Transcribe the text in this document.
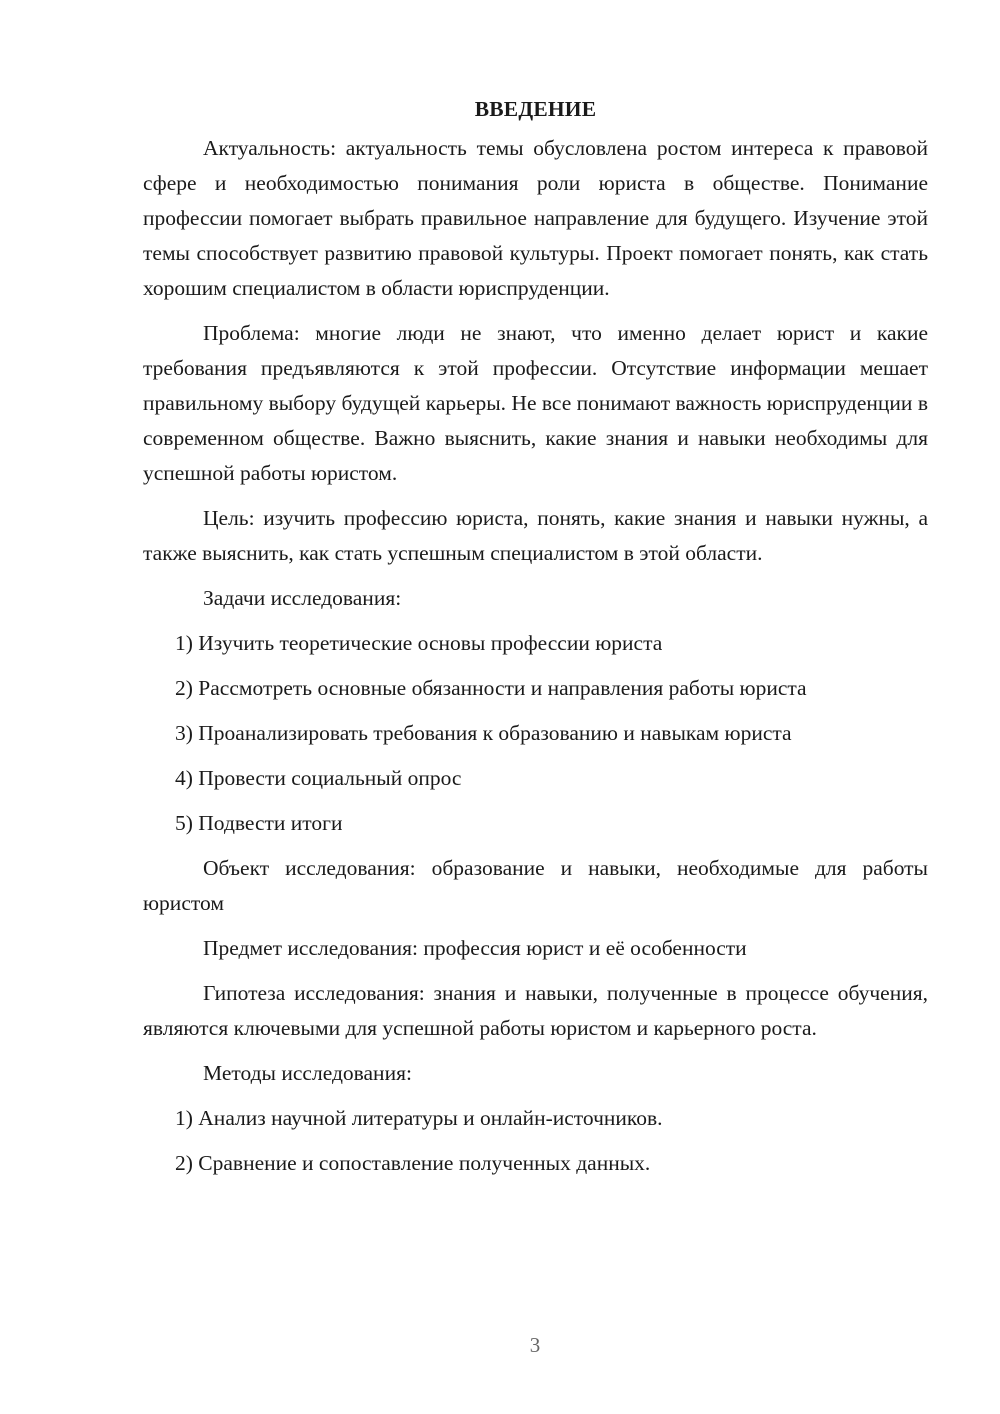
ВВЕДЕНИЕ

Актуальность: актуальность темы обусловлена ростом интереса к правовой сфере и необходимостью понимания роли юриста в обществе. Понимание профессии помогает выбрать правильное направление для будущего. Изучение этой темы способствует развитию правовой культуры. Проект помогает понять, как стать хорошим специалистом в области юриспруденции.

Проблема: многие люди не знают, что именно делает юрист и какие требования предъявляются к этой профессии. Отсутствие информации мешает правильному выбору будущей карьеры. Не все понимают важность юриспруденции в современном обществе. Важно выяснить, какие знания и навыки необходимы для успешной работы юристом.

Цель: изучить профессию юриста, понять, какие знания и навыки нужны, а также выяснить, как стать успешным специалистом в этой области.

Задачи исследования:

1) Изучить теоретические основы профессии юриста
2) Рассмотреть основные обязанности и направления работы юриста
3) Проанализировать требования к образованию и навыкам юриста
4) Провести социальный опрос
5) Подвести итоги

Объект исследования: образование и навыки, необходимые для работы юристом

Предмет исследования: профессия юрист и её особенности

Гипотеза исследования: знания и навыки, полученные в процессе обучения, являются ключевыми для успешной работы юристом и карьерного роста.

Методы исследования:

1) Анализ научной литературы и онлайн-источников.
2) Сравнение и сопоставление полученных данных.
3
